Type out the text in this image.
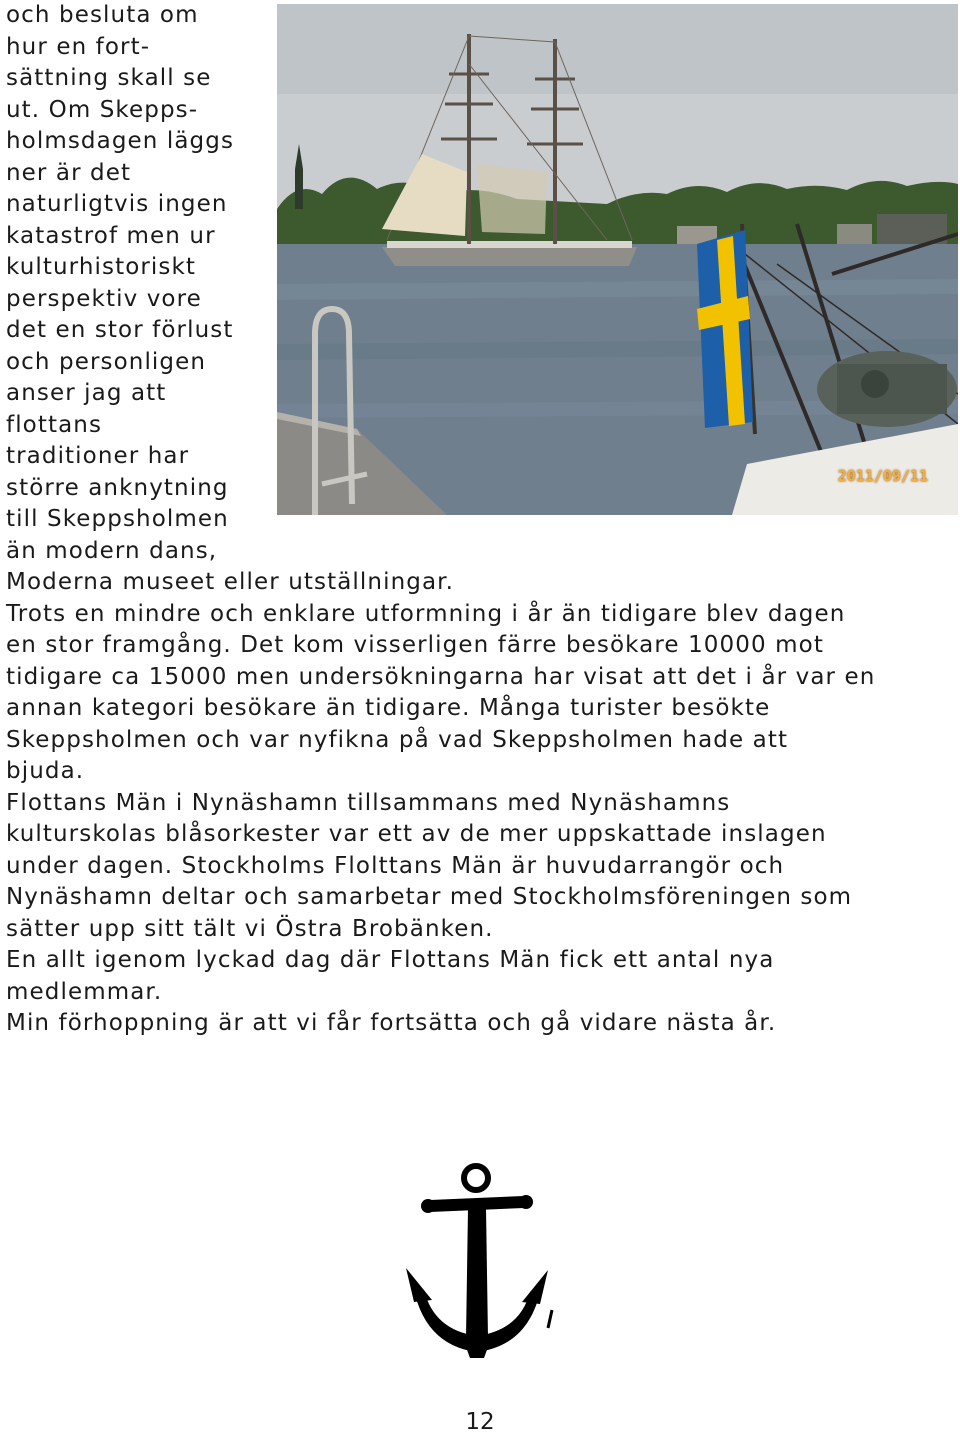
2011/09/11
och besluta om
hur en fort-
sättning skall se
ut. Om Skepps-
holmsdagen läggs
ner är det
naturligtvis ingen
katastrof men ur
kulturhistoriskt
perspektiv vore
det en stor förlust
och personligen
anser jag att
flottans
traditioner har
större anknytning
till Skeppsholmen
än modern dans,
Moderna museet eller utställningar.
Trots en mindre och enklare utformning i år än tidigare blev dagen
en stor framgång. Det kom visserligen färre besökare 10000 mot
tidigare ca 15000 men undersökningarna har visat att det i år var en
annan kategori besökare än tidigare. Många turister besökte
Skeppsholmen och var nyfikna på vad Skeppsholmen hade att
bjuda.
Flottans Män i Nynäshamn tillsammans med Nynäshamns
kulturskolas blåsorkester var ett av de mer uppskattade inslagen
under dagen. Stockholms Flolttans Män är huvudarrangör och
Nynäshamn deltar och samarbetar med Stockholmsföreningen som
sätter upp sitt tält vi Östra Brobänken.
En allt igenom lyckad dag där Flottans Män fick ett antal nya
medlemmar.
Min förhoppning är att vi får fortsätta och gå vidare nästa år.
12
